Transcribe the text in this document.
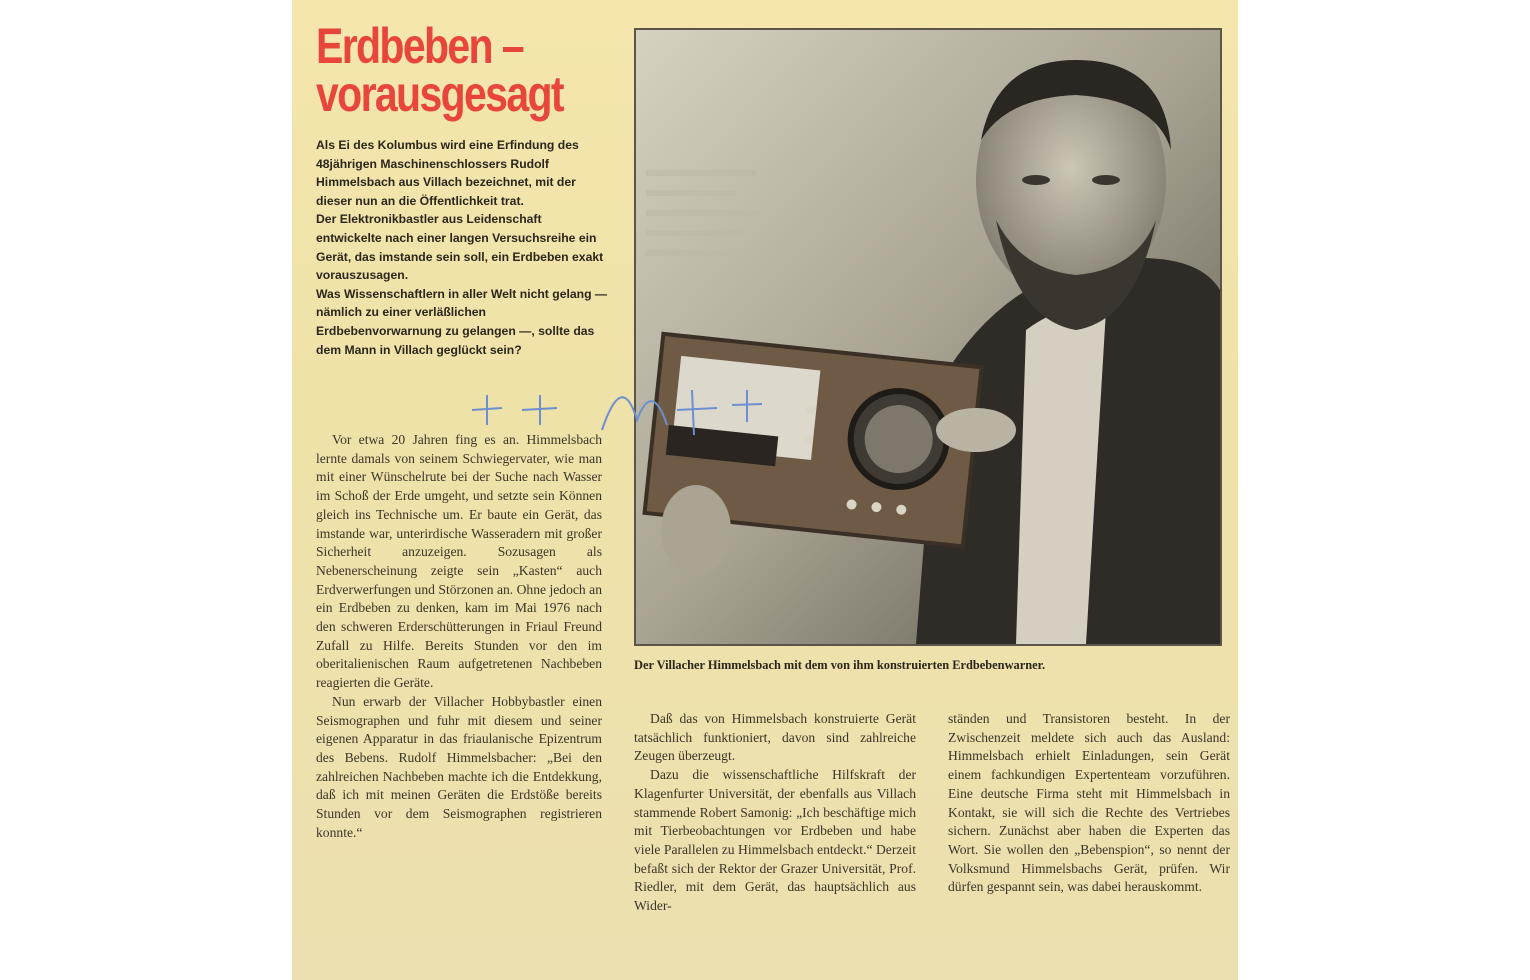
Erdbeben –
vorausgesagt

Als Ei des Kolumbus wird eine Erfindung des 48jährigen Maschinenschlossers Rudolf Himmelsbach aus Villach bezeichnet, mit der dieser nun an die Öffentlichkeit trat.

Der Elektronikbastler aus Leidenschaft entwickelte nach einer langen Versuchsreihe ein Gerät, das imstande sein soll, ein Erdbeben exakt vorauszusagen.

Was Wissenschaftlern in aller Welt nicht gelang — nämlich zu einer verläßlichen Erdbebenvorwarnung zu gelangen —, sollte das dem Mann in Villach geglückt sein?

Vor etwa 20 Jahren fing es an. Himmelsbach lernte damals von seinem Schwiegervater, wie man mit einer Wünschelrute bei der Suche nach Wasser im Schoß der Erde umgeht, und setzte sein Können gleich ins Technische um. Er baute ein Gerät, das imstande war, unterirdische Wasseradern mit großer Sicherheit anzuzeigen. Sozusagen als Nebenerscheinung zeigte sein „Kasten“ auch Erdverwerfungen und Störzonen an. Ohne jedoch an ein Erdbeben zu denken, kam im Mai 1976 nach den schweren Erderschütterungen in Friaul Freund Zufall zu Hilfe. Bereits Stunden vor den im oberitalienischen Raum aufgetretenen Nachbeben reagierten die Geräte.

Nun erwarb der Villacher Hobbybastler einen Seismographen und fuhr mit diesem und seiner eigenen Apparatur in das friaulanische Epizentrum des Bebens. Rudolf Himmelsbacher: „Bei den zahlreichen Nachbeben machte ich die Entdekkung, daß ich mit meinen Geräten die Erdstöße bereits Stunden vor dem Seismographen registrieren konnte.“

Der Villacher Himmelsbach mit dem von ihm konstruierten Erdbebenwarner.

Daß das von Himmelsbach konstruierte Gerät tatsächlich funktioniert, davon sind zahlreiche Zeugen überzeugt.

Dazu die wissenschaftliche Hilfskraft der Klagenfurter Universität, der ebenfalls aus Villach stammende Robert Samonig: „Ich beschäftige mich mit Tierbeobachtungen vor Erdbeben und habe viele Parallelen zu Himmelsbach entdeckt.“ Derzeit befaßt sich der Rektor der Grazer Universität, Prof. Riedler, mit dem Gerät, das hauptsächlich aus Wider-

ständen und Transistoren besteht. In der Zwischenzeit meldete sich auch das Ausland: Himmelsbach erhielt Einladungen, sein Gerät einem fachkundigen Expertenteam vorzuführen. Eine deutsche Firma steht mit Himmelsbach in Kontakt, sie will sich die Rechte des Vertriebes sichern. Zunächst aber haben die Experten das Wort. Sie wollen den „Bebenspion“, so nennt der Volksmund Himmelsbachs Gerät, prüfen. Wir dürfen gespannt sein, was dabei herauskommt.
